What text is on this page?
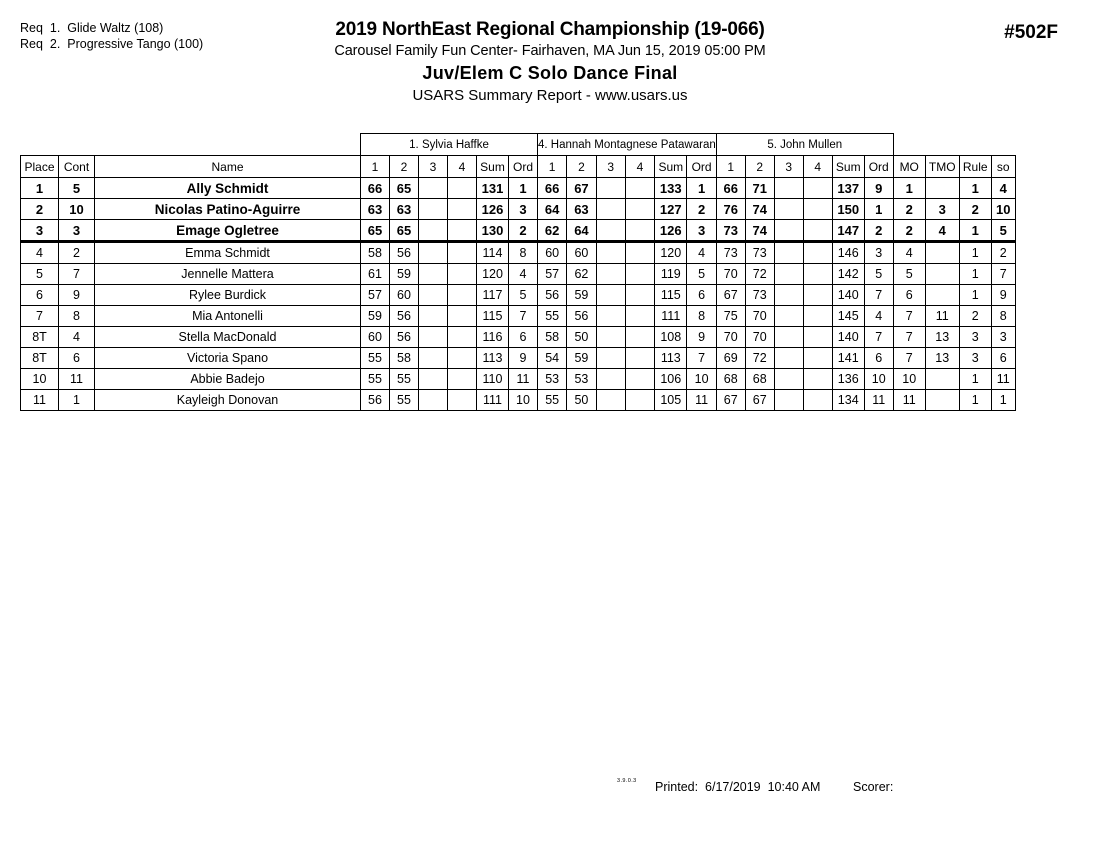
Req  1.  Glide Waltz (108)
Req  2.  Progressive Tango (100)
2019 NorthEast Regional Championship (19-066)
Carousel Family Fun Center- Fairhaven, MA Jun 15, 2019 05:00 PM
Juv/Elem C Solo Dance Final
USARS Summary Report - www.usars.us
#502F
			1. Sylvia Haffke						4. Hannah Montagnese Patawaran						5. John Mullen									
Place	Cont	Name	1	2	3	4	Sum	Ord	1	2	3	4	Sum	Ord	1	2	3	4	Sum	Ord	MO	TMO	Rule	so
1	5	Ally Schmidt	66	65			131	1	66	67			133	1	66	71			137	9	1		1	4
2	10	Nicolas Patino-Aguirre	63	63			126	3	64	63			127	2	76	74			150	1	2	3	2	10
3	3	Emage Ogletree	65	65			130	2	62	64			126	3	73	74			147	2	2	4	1	5
4	2	Emma Schmidt	58	56			114	8	60	60			120	4	73	73			146	3	4		1	2
5	7	Jennelle Mattera	61	59			120	4	57	62			119	5	70	72			142	5	5		1	7
6	9	Rylee Burdick	57	60			117	5	56	59			115	6	67	73			140	7	6		1	9
7	8	Mia Antonelli	59	56			115	7	55	56			111	8	75	70			145	4	7	11	2	8
8T	4	Stella MacDonald	60	56			116	6	58	50			108	9	70	70			140	7	7	13	3	3
8T	6	Victoria Spano	55	58			113	9	54	59			113	7	69	72			141	6	7	13	3	6
10	11	Abbie Badejo	55	55			110	11	53	53			106	10	68	68			136	10	10		1	11
11	1	Kayleigh Donovan	56	55			111	10	55	50			105	11	67	67			134	11	11		1	1
3.9.0.3 Printed:  6/17/2019  10:40 AM	Scorer:
